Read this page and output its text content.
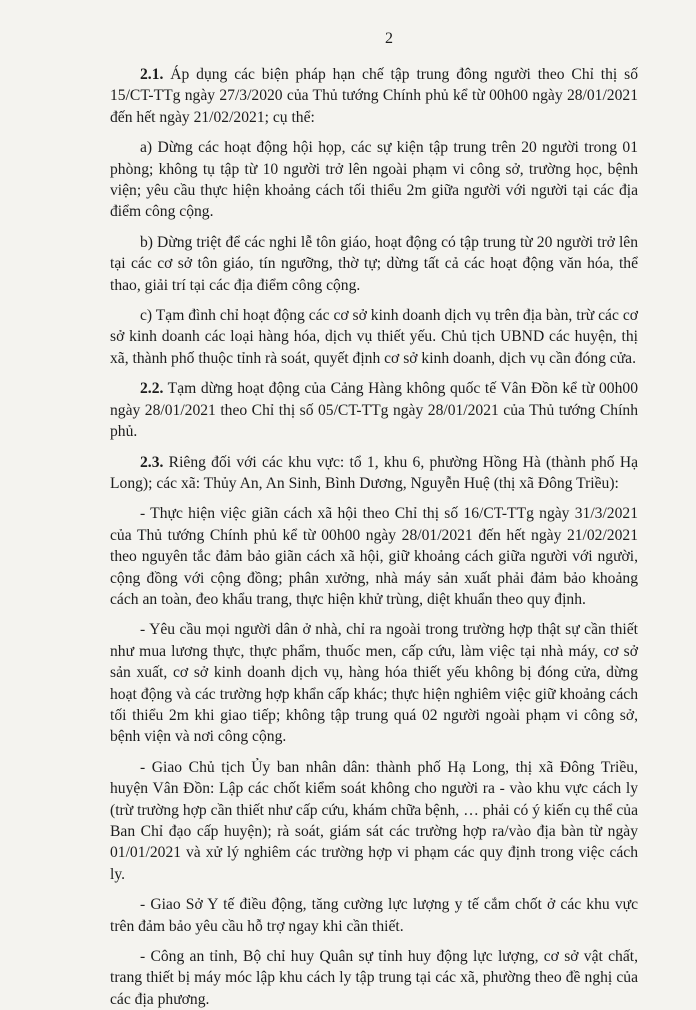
2

2.1. Áp dụng các biện pháp hạn chế tập trung đông người theo Chỉ thị số 15/CT-TTg ngày 27/3/2020 của Thủ tướng Chính phủ kể từ 00h00 ngày 28/01/2021 đến hết ngày 21/02/2021; cụ thể:

a) Dừng các hoạt động hội họp, các sự kiện tập trung trên 20 người trong 01 phòng; không tụ tập từ 10 người trở lên ngoài phạm vi công sở, trường học, bệnh viện; yêu cầu thực hiện khoảng cách tối thiểu 2m giữa người với người tại các địa điểm công cộng.

b) Dừng triệt để các nghi lễ tôn giáo, hoạt động có tập trung từ 20 người trở lên tại các cơ sở tôn giáo, tín ngưỡng, thờ tự; dừng tất cả các hoạt động văn hóa, thể thao, giải trí tại các địa điểm công cộng.

c) Tạm đình chỉ hoạt động các cơ sở kinh doanh dịch vụ trên địa bàn, trừ các cơ sở kinh doanh các loại hàng hóa, dịch vụ thiết yếu. Chủ tịch UBND các huyện, thị xã, thành phố thuộc tỉnh rà soát, quyết định cơ sở kinh doanh, dịch vụ cần đóng cửa.

2.2. Tạm dừng hoạt động của Cảng Hàng không quốc tế Vân Đồn kể từ 00h00 ngày 28/01/2021 theo Chỉ thị số 05/CT-TTg ngày 28/01/2021 của Thủ tướng Chính phủ.

2.3. Riêng đối với các khu vực: tổ 1, khu 6, phường Hồng Hà (thành phố Hạ Long); các xã: Thủy An, An Sinh, Bình Dương, Nguyễn Huệ (thị xã Đông Triều):

- Thực hiện việc giãn cách xã hội theo Chỉ thị số 16/CT-TTg ngày 31/3/2021 của Thủ tướng Chính phủ kể từ 00h00 ngày 28/01/2021 đến hết ngày 21/02/2021 theo nguyên tắc đảm bảo giãn cách xã hội, giữ khoảng cách giữa người với người, cộng đồng với cộng đồng; phân xưởng, nhà máy sản xuất phải đảm bảo khoảng cách an toàn, đeo khẩu trang, thực hiện khử trùng, diệt khuẩn theo quy định.

- Yêu cầu mọi người dân ở nhà, chỉ ra ngoài trong trường hợp thật sự cần thiết như mua lương thực, thực phẩm, thuốc men, cấp cứu, làm việc tại nhà máy, cơ sở sản xuất, cơ sở kinh doanh dịch vụ, hàng hóa thiết yếu không bị đóng cửa, dừng hoạt động và các trường hợp khẩn cấp khác; thực hiện nghiêm việc giữ khoảng cách tối thiểu 2m khi giao tiếp; không tập trung quá 02 người ngoài phạm vi công sở, bệnh viện và nơi công cộng.

- Giao Chủ tịch Ủy ban nhân dân: thành phố Hạ Long, thị xã Đông Triều, huyện Vân Đồn: Lập các chốt kiểm soát không cho người ra - vào khu vực cách ly (trừ trường hợp cần thiết như cấp cứu, khám chữa bệnh, … phải có ý kiến cụ thể của Ban Chỉ đạo cấp huyện); rà soát, giám sát các trường hợp ra/vào địa bàn từ ngày 01/01/2021 và xử lý nghiêm các trường hợp vi phạm các quy định trong việc cách ly.

- Giao Sở Y tế điều động, tăng cường lực lượng y tế cắm chốt ở các khu vực trên đảm bảo yêu cầu hỗ trợ ngay khi cần thiết.

- Công an tỉnh, Bộ chỉ huy Quân sự tỉnh huy động lực lượng, cơ sở vật chất, trang thiết bị máy móc lập khu cách ly tập trung tại các xã, phường theo đề nghị của các địa phương.
